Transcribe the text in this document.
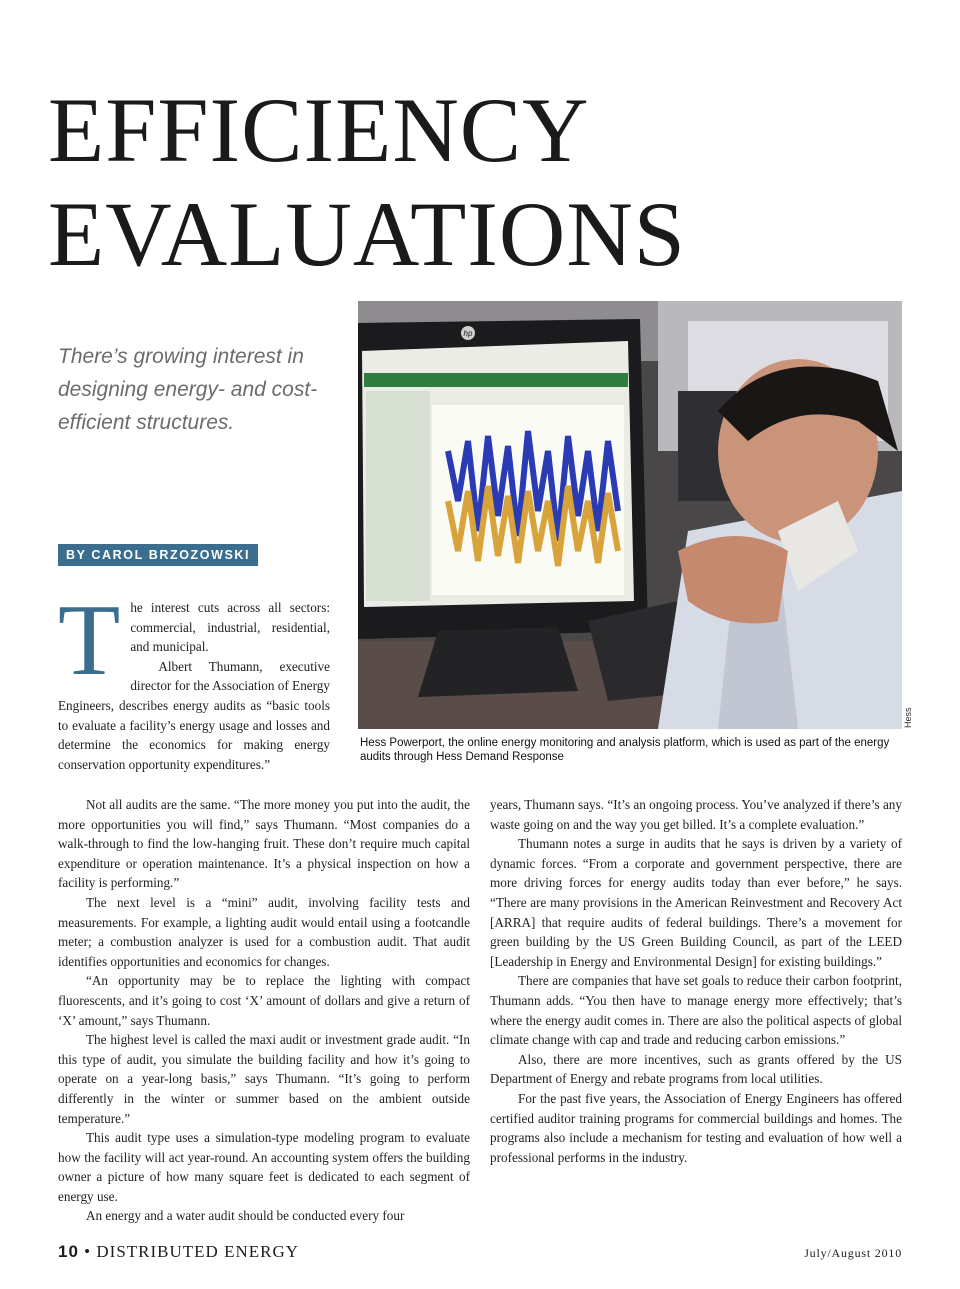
EFFICIENCY
EVALUATIONS
There’s growing interest in designing energy- and cost-efficient structures.
BY CAROL BRZOZOWSKI
hp
Hess
Hess Powerport, the online energy monitoring and analysis platform, which is used as part of the energy audits through Hess Demand Response
T he interest cuts across all sectors: commercial, industrial, residential, and municipal.

Albert Thumann, executive director for the Association of Energy Engineers, describes energy audits as “basic tools to evaluate a facility’s energy usage and losses and determine the economics for making energy conservation opportunity expenditures.”

Not all audits are the same. “The more money you put into the audit, the more opportunities you will find,” says Thumann. “Most companies do a walk-through to find the low-hanging fruit. These don’t require much capital expenditure or operation maintenance. It’s a physical inspection on how a facility is performing.”

The next level is a “mini” audit, involving facility tests and measurements. For example, a lighting audit would entail using a footcandle meter; a combustion analyzer is used for a combustion audit. That audit identifies opportunities and economics for changes.

“An opportunity may be to replace the lighting with compact fluorescents, and it’s going to cost ‘X’ amount of dollars and give a return of ‘X’ amount,” says Thumann.

The highest level is called the maxi audit or investment grade audit. “In this type of audit, you simulate the building facility and how it’s going to operate on a year-long basis,” says Thumann. “It’s going to perform differently in the winter or summer based on the ambient outside temperature.”

This audit type uses a simulation-type modeling program to evaluate how the facility will act year-round. An accounting system offers the building owner a picture of how many square feet is dedicated to each segment of energy use.

An energy and a water audit should be conducted every four

years, Thumann says. “It’s an ongoing process. You’ve analyzed if there’s any waste going on and the way you get billed. It’s a complete evaluation.”

Thumann notes a surge in audits that he says is driven by a variety of dynamic forces. “From a corporate and government perspective, there are more driving forces for energy audits today than ever before,” he says. “There are many provisions in the American Reinvestment and Recovery Act [ARRA] that require audits of federal buildings. There’s a movement for green building by the US Green Building Council, as part of the LEED [Leadership in Energy and Environmental Design] for existing buildings.”

There are companies that have set goals to reduce their carbon footprint, Thumann adds. “You then have to manage energy more effectively; that’s where the energy audit comes in. There are also the political aspects of global climate change with cap and trade and reducing carbon emissions.”

Also, there are more incentives, such as grants offered by the US Department of Energy and rebate programs from local utilities.

For the past five years, the Association of Energy Engineers has offered certified auditor training programs for commercial buildings and homes. The programs also include a mechanism for testing and evaluation of how well a professional performs in the industry.

10 • DISTRIBUTED ENERGY	July/August 2010
